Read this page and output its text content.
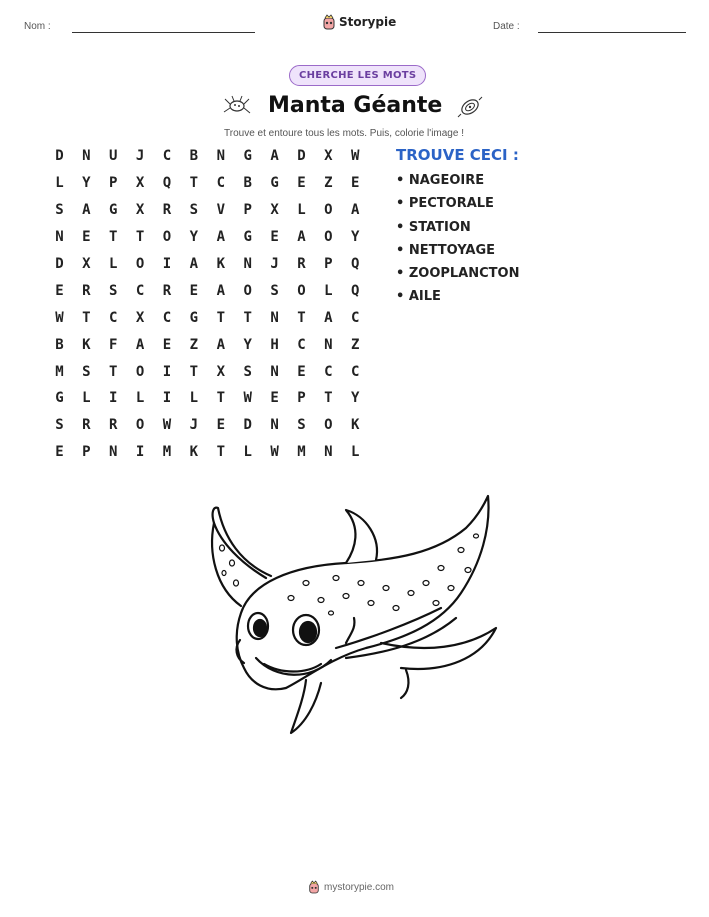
Nom :	Storypie	Date :
CHERCHE LES MOTS
Manta Géante
Trouve et entoure tous les mots. Puis, colorie l'image !
D	N	U	J	C	B	N	G	A	D	X	W
L	Y	P	X	Q	T	C	B	G	E	Z	E
S	A	G	X	R	S	V	P	X	L	O	A
N	E	T	T	O	Y	A	G	E	A	O	Y
D	X	L	O	I	A	K	N	J	R	P	Q
E	R	S	C	R	E	A	O	S	O	L	Q
W	T	C	X	C	G	T	T	N	T	A	C
B	K	F	A	E	Z	A	Y	H	C	N	Z
M	S	T	O	I	T	X	S	N	E	C	C
G	L	I	L	I	L	T	W	E	P	T	Y
S	R	R	O	W	J	E	D	N	S	O	K
E	P	N	I	M	K	T	L	W	M	N	L
TROUVE CECI :
• NAGEOIRE
• PECTORALE
• STATION
• NETTOYAGE
• ZOOPLANCTON
• AILE
mystorypie.com
